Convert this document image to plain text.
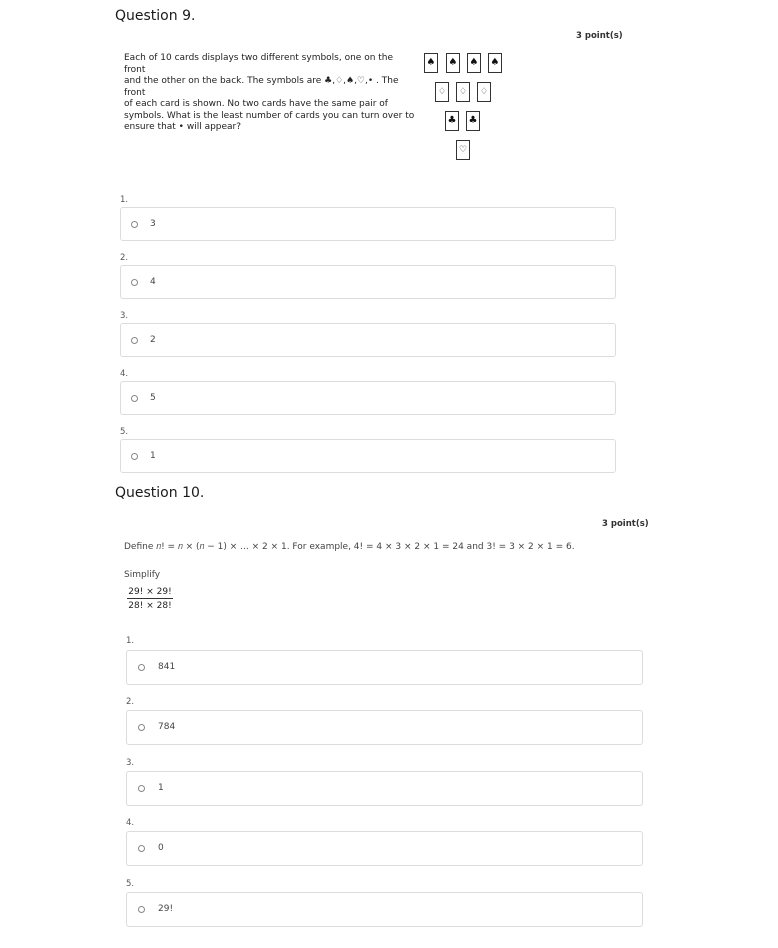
Question 9.
3 point(s)
Each of 10 cards displays two different symbols, one on the front
and the other on the back. The symbols are ♣,♢,♠,♡,• . The front
of each card is shown. No two cards have the same pair of
symbols. What is the least number of cards you can turn over to
ensure that • will appear?
♠ ♠ ♠ ♠
♢	♢	♢
♣ ♣
♡
1.
3
2.
4
3.
2
4.
5
5.
1
Question 10.
3 point(s)
Define 𝑛! = 𝑛 × (𝑛 − 1) × ... × 2 × 1. For example, 4! = 4 × 3 × 2 × 1 = 24 and 3! = 3 × 2 × 1 = 6.
Simplify
29! × 29!
28! × 28!
1.
841
2.
784
3.
1
4.
0
5.
29!
